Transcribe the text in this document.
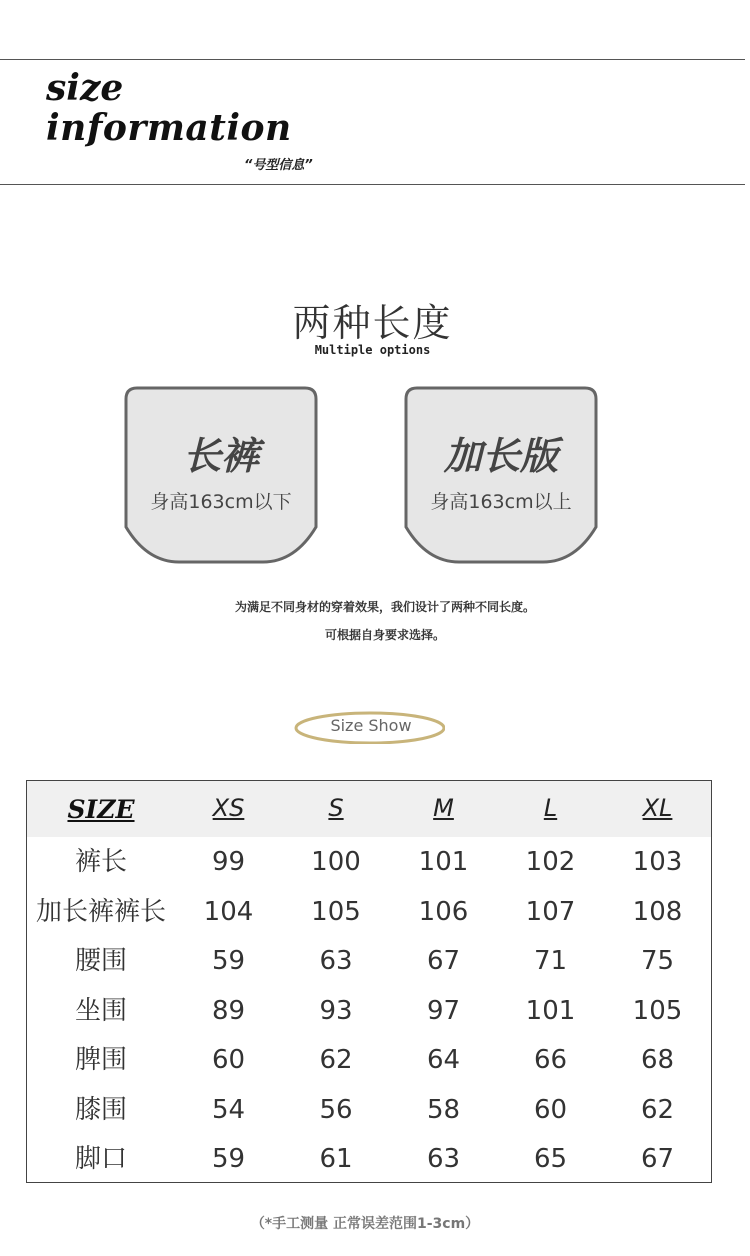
size
information
“号型信息”
两种长度
Multiple options
长裤
身高163cm以下
加长版
身高163cm以上
为满足不同身材的穿着效果，我们设计了两种不同长度。
可根据自身要求选择。
Size Show
SIZE	XS	S	M	L	XL
裤长	99	100	101	102	103
加长裤裤长	104	105	106	107	108
腰围	59	63	67	71	75
坐围	89	93	97	101	105
脾围	60	62	64	66	68
膝围	54	56	58	60	62
脚口	59	61	63	65	67
（*手工测量 正常误差范围1-3cm）
